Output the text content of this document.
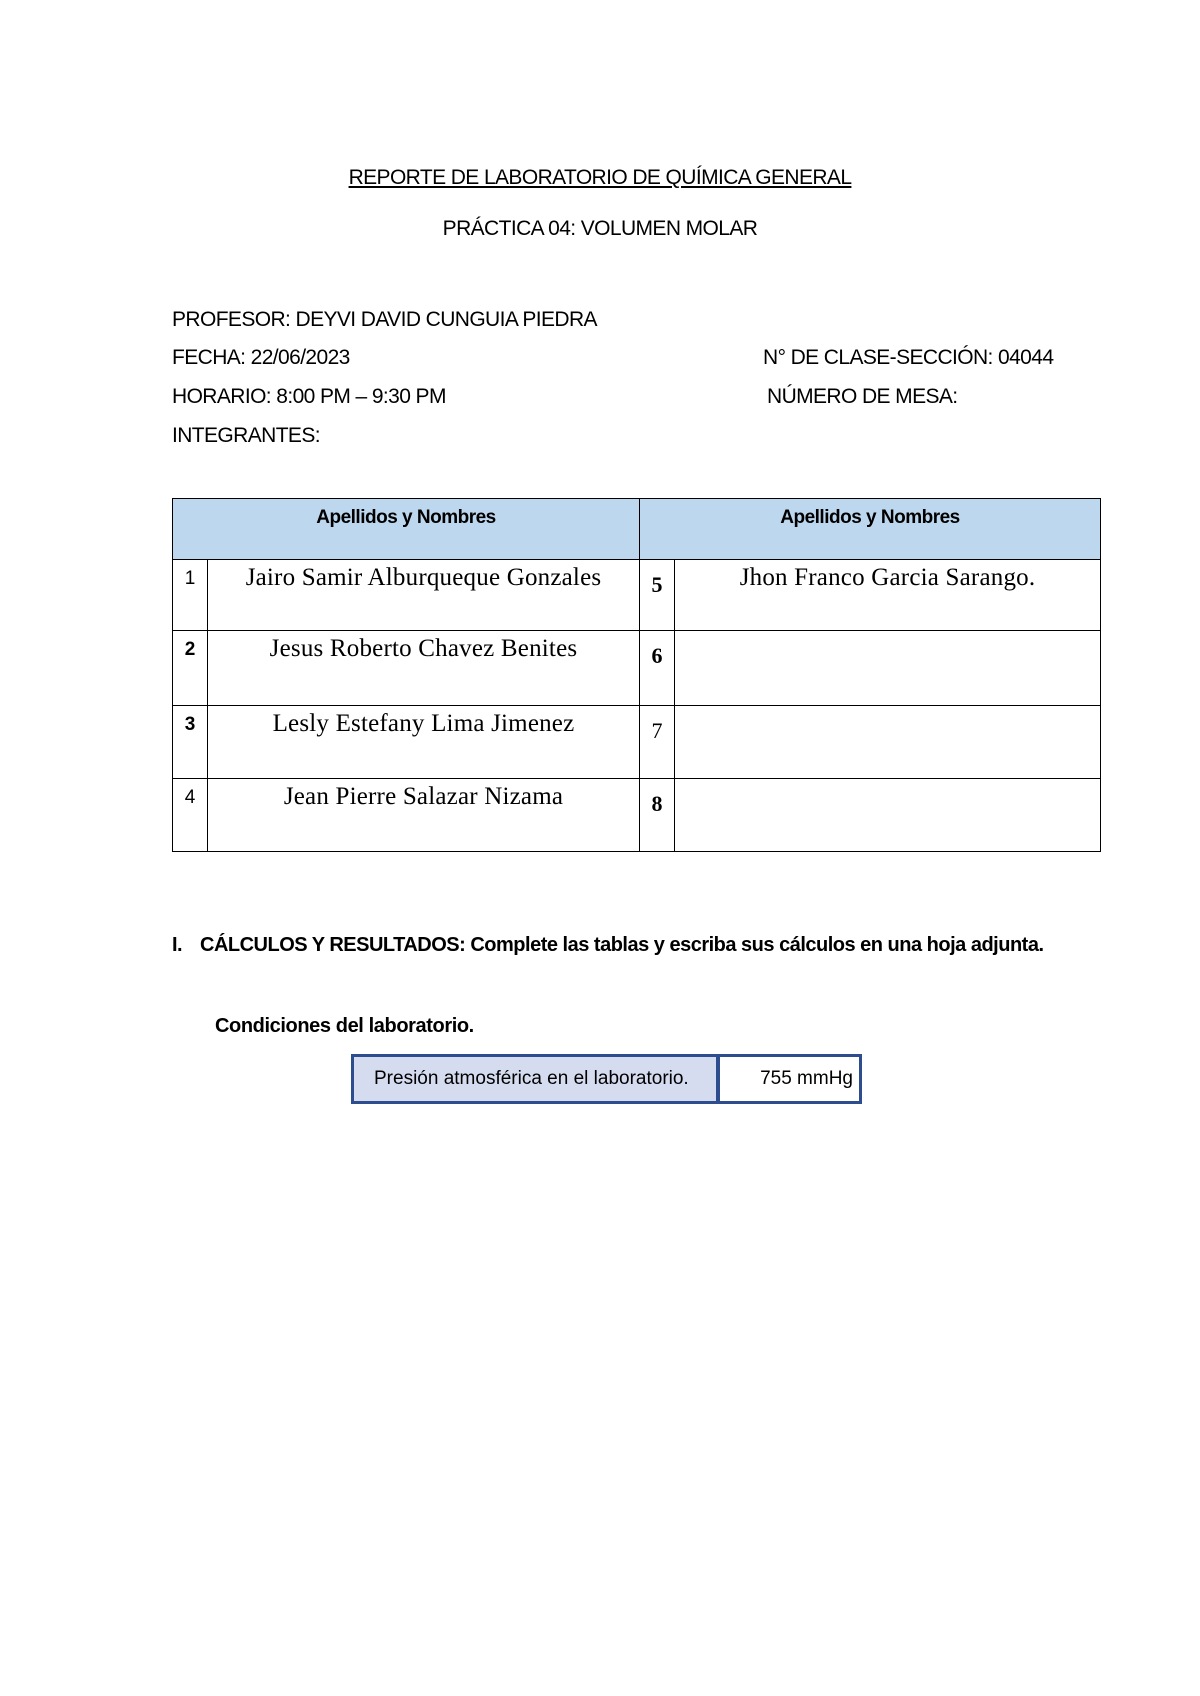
REPORTE DE LABORATORIO DE QUÍMICA GENERAL
PRÁCTICA 04: VOLUMEN MOLAR
PROFESOR: DEYVI DAVID CUNGUIA PIEDRA
FECHA: 22/06/2023	N° DE CLASE-SECCIÓN: 04044
HORARIO: 8:00 PM – 9:30 PM	NÚMERO DE MESA:
INTEGRANTES:
Apellidos y Nombres		Apellidos y Nombres	
1	Jairo Samir Alburqueque Gonzales	5	Jhon Franco Garcia Sarango.
2	Jesus Roberto Chavez Benites	6	
3	Lesly Estefany Lima Jimenez	7	
4	Jean Pierre Salazar Nizama	8	
I. CÁLCULOS Y RESULTADOS: Complete las tablas y escriba sus cálculos en una hoja adjunta.
Condiciones del laboratorio.
Presión atmosférica en el laboratorio.	755 mmHg
